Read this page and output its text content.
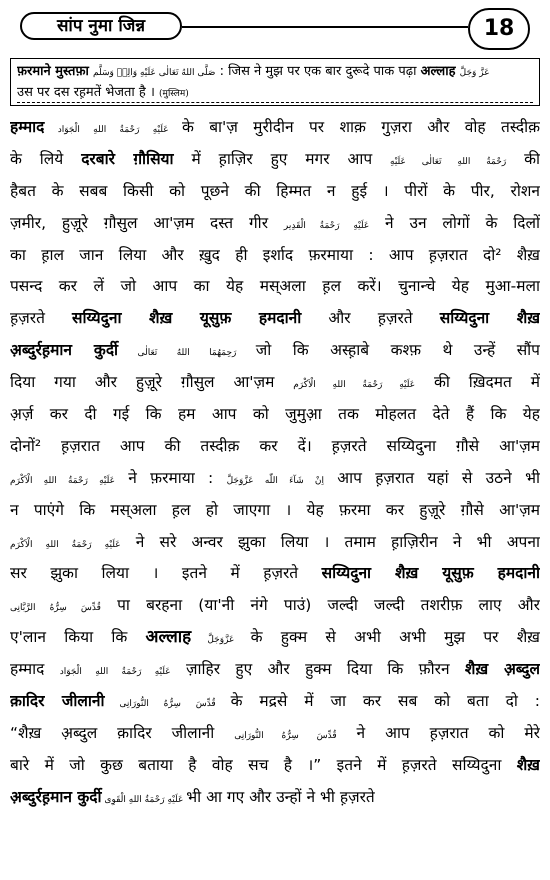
सांप नुमा जिन्न	18
फ़रमाने मुस्तफ़ा صَلَّى اللهُ تَعَالٰى عَلَيْهِ وَالِهٖ وَسَلَّم : जिस ने मुझ पर एक बार दुरूदे पाक पढ़ा अल्लाह عَزَّ وَجَلَّ
उस पर दस रह़मतें भेजता है । (मुस्लिम)
हम्माद عَلَيْهِ رَحْمَةُ اللهِ الْجَوَاد के बा'ज़ मुरीदीन पर शाक़ गुज़रा और वोह तस्दीक़
के लिये दरबारे ग़ौसिया में ह़ाज़िर हुए मगर आप رَحْمَةُ اللهِ تَعَالٰی عَلَيْهِ की
हैबत के सबब किसी को पूछने की हिम्मत न हुई । पीरों के पीर, रोशन
ज़मीर, हुज़ूरे ग़ौसुल आ'ज़म दस्त गीर عَلَيْهِ رَحْمَةُ الْقَدِير ने उन लोगों के दिलों
का ह़ाल जान लिया और ख़ुद ही इर्शाद फ़रमाया : आप ह़ज़रात दो² शैख़
पसन्द कर लें जो आप का येह मस्अला ह़ल करें। चुनान्चे येह मुआ-मला
ह़ज़रते सय्यिदुना शैख़ यूसुफ़ हमदानी और ह़ज़रते सय्यिदुना शैख़
अ़ब्दुर्रह़मान कुर्दी رَحِمَهُمَا اللهُ تَعَالٰی जो कि अस्ह़ाबे कश्फ़ थे उन्हें सौंप
दिया गया और हुज़ूरे ग़ौसुल आ'ज़म عَلَيْهِ رَحْمَةُ اللهِ الْاَكْرَم की ख़िदमत में
अ़र्ज़ कर दी गई कि हम आप को जुमुआ़ तक मोहलत देते हैं कि येह
दोनों² ह़ज़रात आप की तस्दीक़ कर दें। ह़ज़रते सय्यिदुना ग़ौसे आ'ज़म
عَلَيْهِ رَحْمَةُ اللهِ الْاَكْرَم ने फ़रमाया : اِنْ شَآءَ اللّٰه عَزَّوَجَلَّ आप ह़ज़रात यहां से उठने भी
न पाएंगे कि मस्अला ह़ल हो जाएगा । येह फ़रमा कर हुज़ूरे ग़ौसे आ'ज़म
عَلَيْهِ رَحْمَةُ اللهِ الْاَكْرَم ने सरे अन्वर झुका लिया । तमाम ह़ाज़िरीन ने भी अपना
सर झुका लिया । इतने में ह़ज़रते सय्यिदुना शैख़ यूसुफ़ हमदानी
قُدِّسَ سِرُّهُ الرَّبَّانِى पा बरहना (या'नी नंगे पाउं) जल्दी जल्दी तशरीफ़ लाए और
ए'लान किया कि अल्लाह عَزَّوَجَلَّ के हुक्म से अभी अभी मुझ पर शैख़
हम्माद عَلَيْهِ رَحْمَةُ اللهِ الْجَوَاد ज़ाहिर हुए और हुक्म दिया कि फ़ौरन शैख़ अ़ब्दुल
क़ादिर जीलानी قُدِّسَ سِرُّهُ النُّورَانِى के मद्रसे में जा कर सब को बता दो :
“शैख़ अ़ब्दुल क़ादिर जीलानी قُدِّسَ سِرُّهُ النُّورَانِى ने आप ह़ज़रात को मेरे
बारे में जो कुछ बताया है वोह सच है ।” इतने में ह़ज़रते सय्यिदुना शैख़
अ़ब्दुर्रह़मान कुर्दी عَلَيْهِ رَحْمَةُ اللهِ الْقَوِى भी आ गए और उन्हों ने भी ह़ज़रते
